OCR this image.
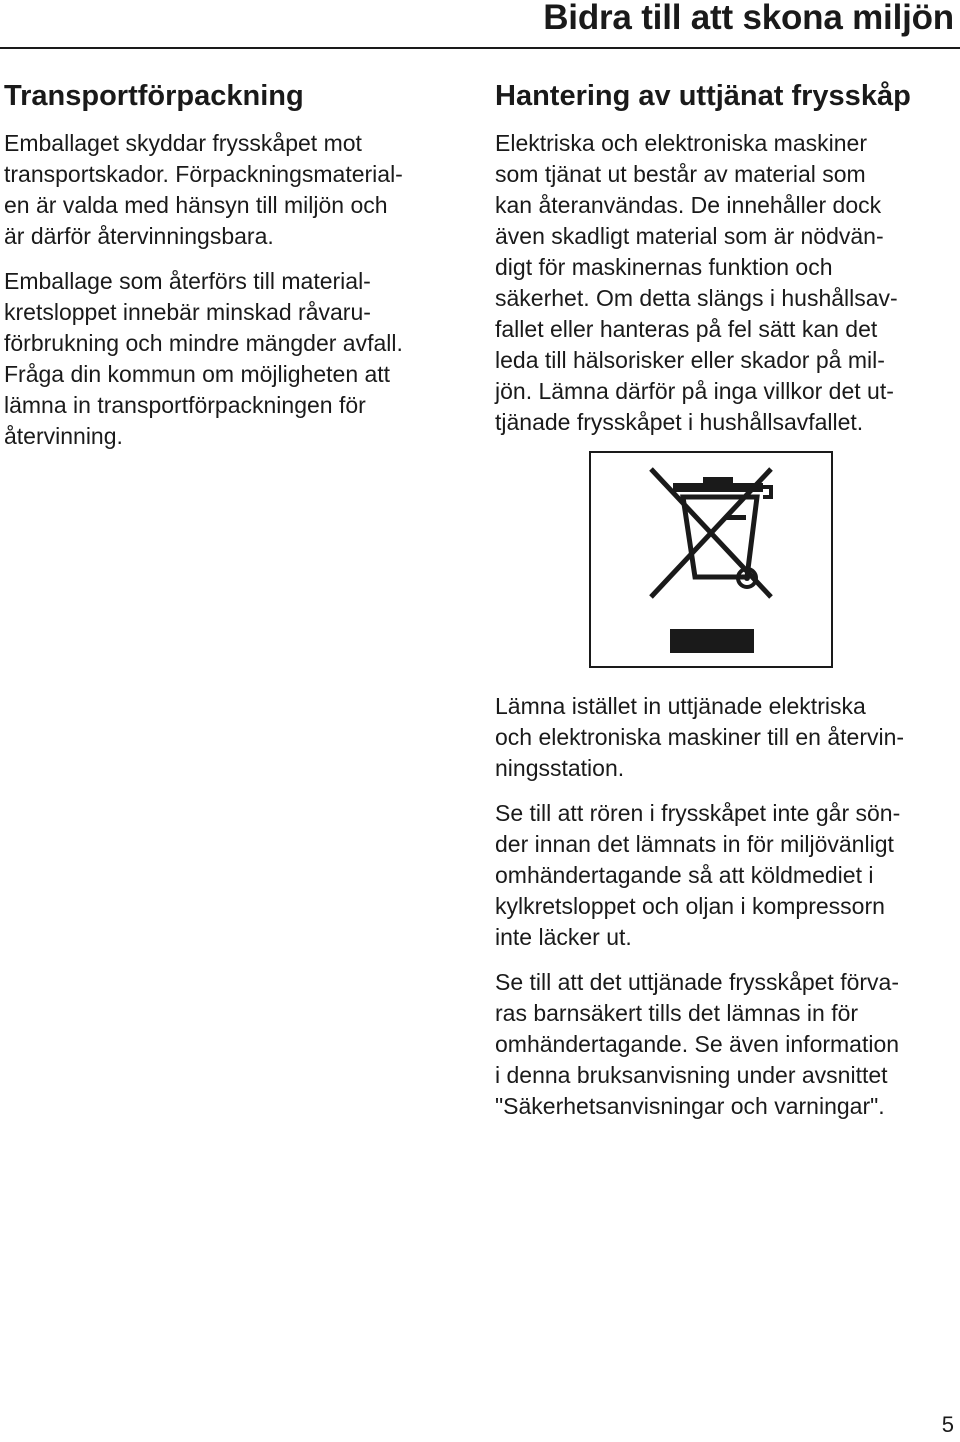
Bidra till att skona miljön
Transportförpackning

Emballaget skyddar frysskåpet mot
transportskador. Förpackningsmaterial-
en är valda med hänsyn till miljön och
är därför återvinningsbara.

Emballage som återförs till material-
kretsloppet innebär minskad råvaru-
förbrukning och mindre mängder avfall.
Fråga din kommun om möjligheten att
lämna in transportförpackningen för
återvinning.

Hantering av uttjänat frysskåp

Elektriska och elektroniska maskiner
som tjänat ut består av material som
kan återanvändas. De innehåller dock
även skadligt material som är nödvän-
digt för maskinernas funktion och
säkerhet. Om detta slängs i hushållsav-
fallet eller hanteras på fel sätt kan det
leda till hälsorisker eller skador på mil-
jön. Lämna därför på inga villkor det ut-
tjänade frysskåpet i hushållsavfallet.

Lämna istället in uttjänade elektriska
och elektroniska maskiner till en återvin-
ningsstation.

Se till att rören i frysskåpet inte går sön-
der innan det lämnats in för miljövänligt
omhändertagande så att köldmediet i
kylkretsloppet och oljan i kompressorn
inte läcker ut.

Se till att det uttjänade frysskåpet förva-
ras barnsäkert tills det lämnas in för
omhändertagande. Se även information
i denna bruksanvisning under avsnittet
"Säkerhetsanvisningar och varningar".

5
